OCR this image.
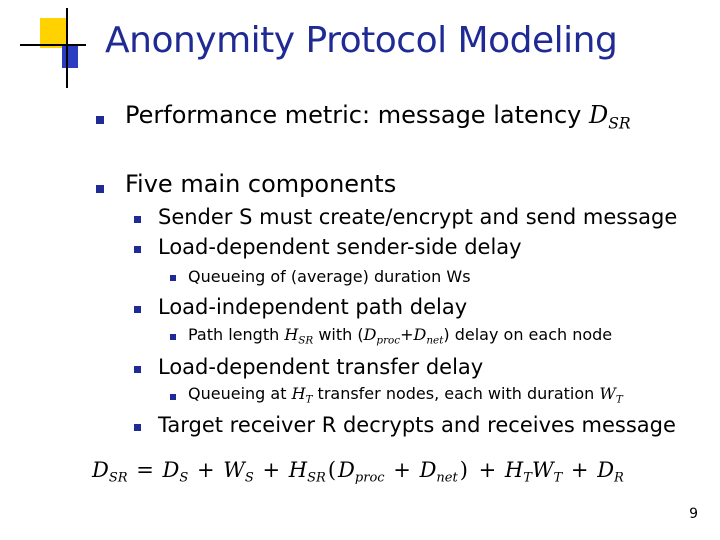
Anonymity Protocol Modeling
Performance metric: message latency $D_{SR}$
Five main components
Sender S must create/encrypt and send message
Load-dependent sender-side delay
Queueing of (average) duration Ws
Load-independent path delay
Path length $H_{SR}$ with $(D_{proc}+D_{net})$ delay on each node
Load-dependent transfer delay
Queueing at $H_T$ transfer nodes, each with duration $W_T$
Target receiver R decrypts and receives message
$D_{SR} = D_S + W_S + H_{SR}(D_{proc} + D_{net}) + H_TW_T + D_R$
9
